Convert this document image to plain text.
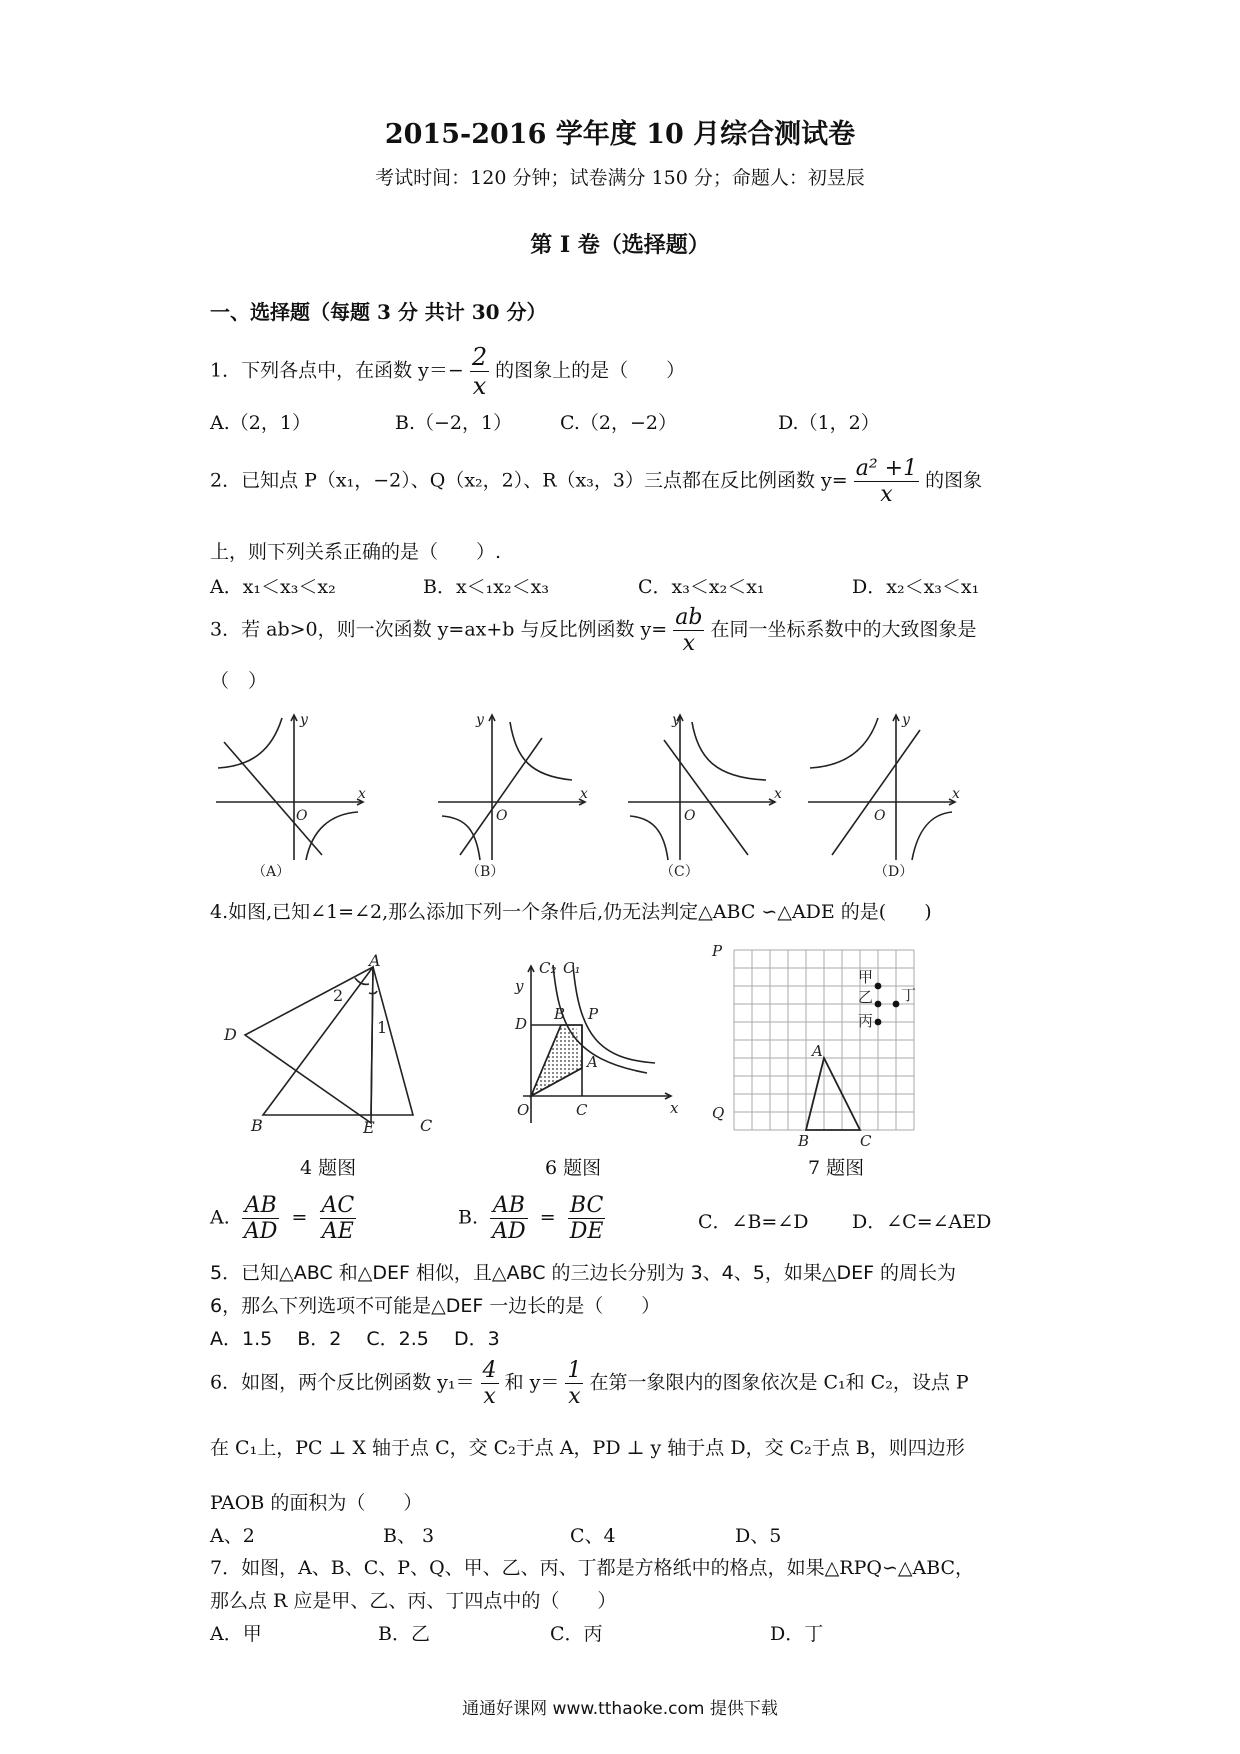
2015-2016 学年度 10 月综合测试卷
考试时间：120 分钟；试卷满分 150 分；命题人：初昱辰
第 I 卷（选择题）
一、选择题（每题 3 分 共计 30 分）
1．下列各点中，在函数 $y=- \frac{2}{x}$ 的图象上的是（　　）
A.（2，1）	B.（−2，1）	C.（2，−2）	D.（1，2）
2．已知点 P（x₁，−2）、Q（x₂，2）、R（x₃，3）三点都在反比例函数 $y= \frac{\text{a² +1}}{x}$ 的图象
上，则下列关系正确的是（　　）.
A．x₁＜x₃＜x₂	B．x＜₁x₂＜x₃	C．x₃＜x₂＜x₁	D．x₂＜x₃＜x₁
3．若 ab>0，则一次函数 y=ax+b 与反比例函数 $y= \frac{ab}{x}$ 在同一坐标系数中的大致图象是
（　）
y
x
O
y
x
O
y
x
O
y
x
O
（A）	（B）	（C）	（D）
4.如图,已知∠1=∠2,那么添加下列一个条件后,仍无法判定△ABC ∽△ADE 的是(　　)
A
B	C
D
E
1
2
4 题图
y
x
O
C₂ C₁
D
B P
A
C
6 题图
P
Q
A
B	C
甲
乙
丙
丁
7 题图
A. $\frac{AB}{AD} = \frac{AC}{AE}$	B. $\frac{AB}{AD} = \frac{BC}{DE}$	C．∠B=∠D D．∠C=∠AED
5．已知△ABC 和△DEF 相似，且△ABC 的三边长分别为 3、4、5，如果△DEF 的周长为
6，那么下列选项不可能是△DEF 一边长的是（　　）
A．1.5　 B．2　 C．2.5　 D．3
6．如图，两个反比例函数 $y_1= \frac{4}{x}$ 和 $y= \frac{1}{x}$ 在第一象限内的图象依次是 C₁和 C₂，设点 P
在 C₁上，PC ⊥ X 轴于点 C，交 C₂于点 A，PD ⊥ y 轴于点 D，交 C₂于点 B，则四边形
PAOB 的面积为（　　）
A、2	B、 3	C、4	D、5
7．如图，A、B、C、P、Q、甲、乙、丙、丁都是方格纸中的格点，如果△RPQ∽△ABC，
那么点 R 应是甲、乙、丙、丁四点中的（　　）
A．甲	B．乙	C．丙	D．丁
通通好课网 www.tthaoke.com 提供下载
